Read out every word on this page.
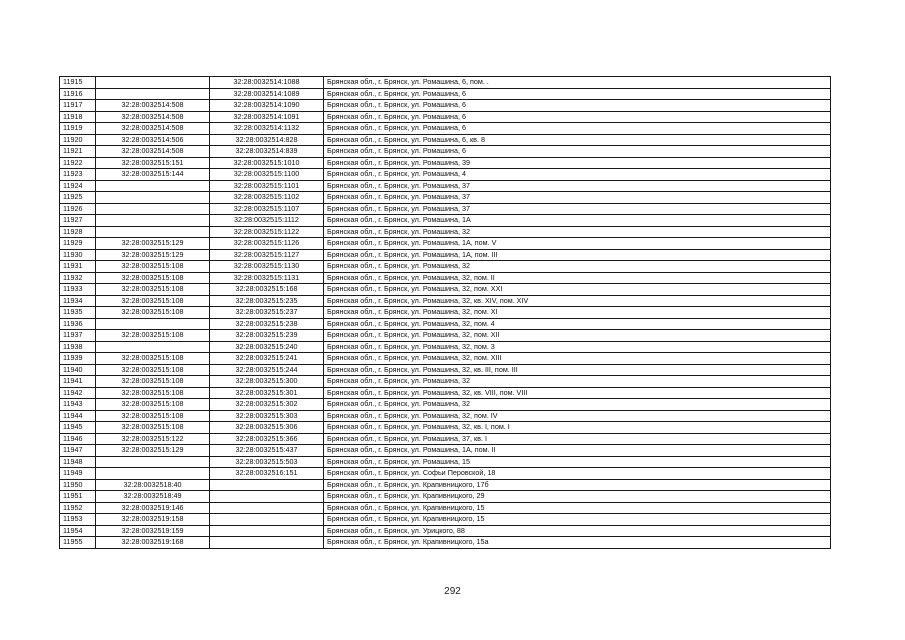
11915		32:28:0032514:1088	Брянская обл., г. Брянск, ул. Ромашина, 6, пом. .
11916		32:28:0032514:1089	Брянская обл., г. Брянск, ул. Ромашина, 6
11917	32:28:0032514:508	32:28:0032514:1090	Брянская обл., г. Брянск, ул. Ромашина, 6
11918	32:28:0032514:508	32:28:0032514:1091	Брянская обл., г. Брянск, ул. Ромашина, 6
11919	32:28:0032514:508	32:28:0032514:1132	Брянская обл., г. Брянск, ул. Ромашина, 6
11920	32:28:0032514:506	32:28:0032514:828	Брянская обл., г. Брянск, ул. Ромашина, 6, кв. 8
11921	32:28:0032514:508	32:28:0032514:839	Брянская обл., г. Брянск, ул. Ромашина, 6
11922	32:28:0032515:151	32:28:0032515:1010	Брянская обл., г. Брянск, ул. Ромашина, 39
11923	32:28:0032515:144	32:28:0032515:1100	Брянская обл., г. Брянск, ул. Ромашина, 4
11924		32:28:0032515:1101	Брянская обл., г. Брянск, ул. Ромашина, 37
11925		32:28:0032515:1102	Брянская обл., г. Брянск, ул. Ромашина, 37
11926		32:28:0032515:1107	Брянская обл., г. Брянск, ул. Ромашина, 37
11927		32:28:0032515:1112	Брянская обл., г. Брянск, ул. Ромашина, 1А
11928		32:28:0032515:1122	Брянская обл., г. Брянск, ул. Ромашина, 32
11929	32:28:0032515:129	32:28:0032515:1126	Брянская обл., г. Брянск, ул. Ромашина, 1А, пом. V
11930	32:28:0032515:129	32:28:0032515:1127	Брянская обл., г. Брянск, ул. Ромашина, 1А, пом. III
11931	32:28:0032515:108	32:28:0032515:1130	Брянская обл., г. Брянск, ул. Ромашина, 32
11932	32:28:0032515:108	32:28:0032515:1131	Брянская обл., г. Брянск, ул. Ромашина, 32, пом. II
11933	32:28:0032515:108	32:28:0032515:168	Брянская обл., г. Брянск, ул. Ромашина, 32, пом. XXI
11934	32:28:0032515:108	32:28:0032515:235	Брянская обл., г. Брянск, ул. Ромашина, 32, кв. XIV, пом. XIV
11935	32:28:0032515:108	32:28:0032515:237	Брянская обл., г. Брянск, ул. Ромашина, 32, пом. XI
11936		32:28:0032515:238	Брянская обл., г. Брянск, ул. Ромашина, 32, пом. 4
11937	32:28:0032515:108	32:28:0032515:239	Брянская обл., г. Брянск, ул. Ромашина, 32, пом. XII
11938		32:28:0032515:240	Брянская обл., г. Брянск, ул. Ромашина, 32, пом. 3
11939	32:28:0032515:108	32:28:0032515:241	Брянская обл., г. Брянск, ул. Ромашина, 32, пом. XIII
11940	32:28:0032515:108	32:28:0032515:244	Брянская обл., г. Брянск, ул. Ромашина, 32, кв. III, пом. III
11941	32:28:0032515:108	32:28:0032515:300	Брянская обл., г. Брянск, ул. Ромашина, 32
11942	32:28:0032515:108	32:28:0032515:301	Брянская обл., г. Брянск, ул. Ромашина, 32, кв. VIII, пом. VIII
11943	32:28:0032515:108	32:28:0032515:302	Брянская обл., г. Брянск, ул. Ромашина, 32
11944	32:28:0032515:108	32:28:0032515:303	Брянская обл., г. Брянск, ул. Ромашина, 32, пом. IV
11945	32:28:0032515:108	32:28:0032515:306	Брянская обл., г. Брянск, ул. Ромашина, 32, кв. I, пом. I
11946	32:28:0032515:122	32:28:0032515:366	Брянская обл., г. Брянск, ул. Ромашина, 37, кв. I
11947	32:28:0032515:129	32:28:0032515:437	Брянская обл., г. Брянск, ул. Ромашина, 1А, пом. II
11948		32:28:0032515:503	Брянская обл., г. Брянск, ул. Ромашина, 15
11949		32:28:0032516:151	Брянская обл., г. Брянск, ул. Софьи Перовской, 18
11950	32:28:0032518:40		Брянская обл., г. Брянск, ул. Крапивницкого, 17б
11951	32:28:0032518:49		Брянская обл., г. Брянск, ул. Крапивницкого, 29
11952	32:28:0032519:146		Брянская обл., г. Брянск, ул. Крапивницкого, 15
11953	32:28:0032519:158		Брянская обл., г. Брянск, ул. Крапивницкого, 15
11954	32:28:0032519:159		Брянская обл., г. Брянск, ул. Урицкого, 88
11955	32:28:0032519:168		Брянская обл., г. Брянск, ул. Крапивницкого, 15а
292
